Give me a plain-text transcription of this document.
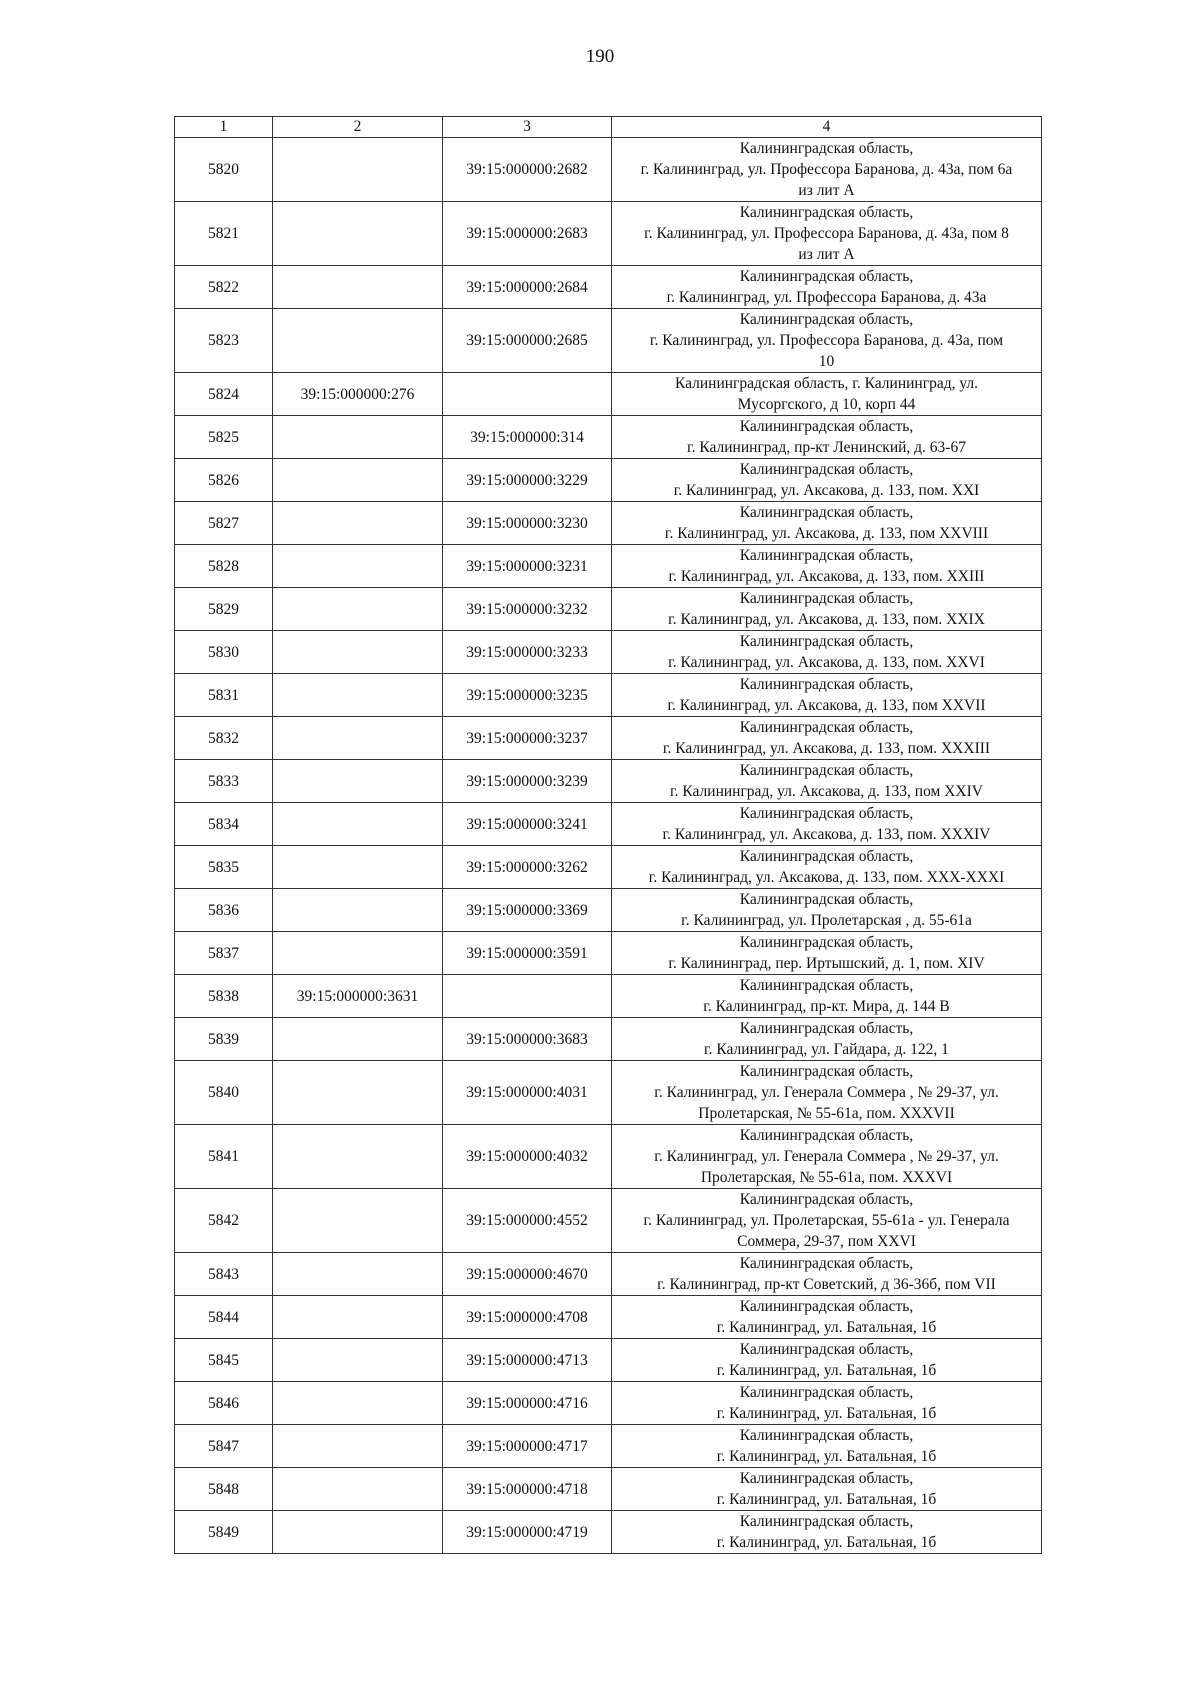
190
1	2	3	4
5820		39:15:000000:2682	Калининградская область,
г. Калининград, ул. Профессора Баранова, д. 43а, пом 6а
из лит А
5821		39:15:000000:2683	Калининградская область,
г. Калининград, ул. Профессора Баранова, д. 43а, пом 8
из лит А
5822		39:15:000000:2684	Калининградская область,
г. Калининград, ул. Профессора Баранова, д. 43а
5823		39:15:000000:2685	Калининградская область,
г. Калининград, ул. Профессора Баранова, д. 43а, пом
10
5824	39:15:000000:276		Калининградская область, г. Калининград, ул.
Мусоргского, д 10, корп 44
5825		39:15:000000:314	Калининградская область,
г. Калининград, пр-кт Ленинский, д. 63-67
5826		39:15:000000:3229	Калининградская область,
г. Калининград, ул. Аксакова, д. 133, пом. XXI
5827		39:15:000000:3230	Калининградская область,
г. Калининград, ул. Аксакова, д. 133, пом XXVIII
5828		39:15:000000:3231	Калининградская область,
г. Калининград, ул. Аксакова, д. 133, пом. XXIII
5829		39:15:000000:3232	Калининградская область,
г. Калининград, ул. Аксакова, д. 133, пом. XXIX
5830		39:15:000000:3233	Калининградская область,
г. Калининград, ул. Аксакова, д. 133, пом. XXVI
5831		39:15:000000:3235	Калининградская область,
г. Калининград, ул. Аксакова, д. 133, пом XXVII
5832		39:15:000000:3237	Калининградская область,
г. Калининград, ул. Аксакова, д. 133, пом. XXXIII
5833		39:15:000000:3239	Калининградская область,
г. Калининград, ул. Аксакова, д. 133, пом XXIV
5834		39:15:000000:3241	Калининградская область,
г. Калининград, ул. Аксакова, д. 133, пом. XXXIV
5835		39:15:000000:3262	Калининградская область,
г. Калининград, ул. Аксакова, д. 133, пом. XXX-XXXI
5836		39:15:000000:3369	Калининградская область,
г. Калининград, ул. Пролетарская , д. 55-61а
5837		39:15:000000:3591	Калининградская область,
г. Калининград, пер. Иртышский, д. 1, пом. XIV
5838	39:15:000000:3631		Калининградская область,
г. Калининград, пр-кт. Мира, д. 144 В
5839		39:15:000000:3683	Калининградская область,
г. Калининград, ул. Гайдара, д. 122, 1
5840		39:15:000000:4031	Калининградская область,
г. Калининград, ул. Генерала Соммера , № 29-37, ул.
Пролетарская, № 55-61а, пом. XXXVII
5841		39:15:000000:4032	Калининградская область,
г. Калининград, ул. Генерала Соммера , № 29-37, ул.
Пролетарская, № 55-61а, пом. XXXVI
5842		39:15:000000:4552	Калининградская область,
г. Калининград, ул. Пролетарская, 55-61а - ул. Генерала
Соммера, 29-37, пом XXVI
5843		39:15:000000:4670	Калининградская область,
г. Калининград, пр-кт Советский, д 36-36б, пом VII
5844		39:15:000000:4708	Калининградская область,
г. Калининград, ул. Батальная, 1б
5845		39:15:000000:4713	Калининградская область,
г. Калининград, ул. Батальная, 1б
5846		39:15:000000:4716	Калининградская область,
г. Калининград, ул. Батальная, 1б
5847		39:15:000000:4717	Калининградская область,
г. Калининград, ул. Батальная, 1б
5848		39:15:000000:4718	Калининградская область,
г. Калининград, ул. Батальная, 1б
5849		39:15:000000:4719	Калининградская область,
г. Калининград, ул. Батальная, 1б
